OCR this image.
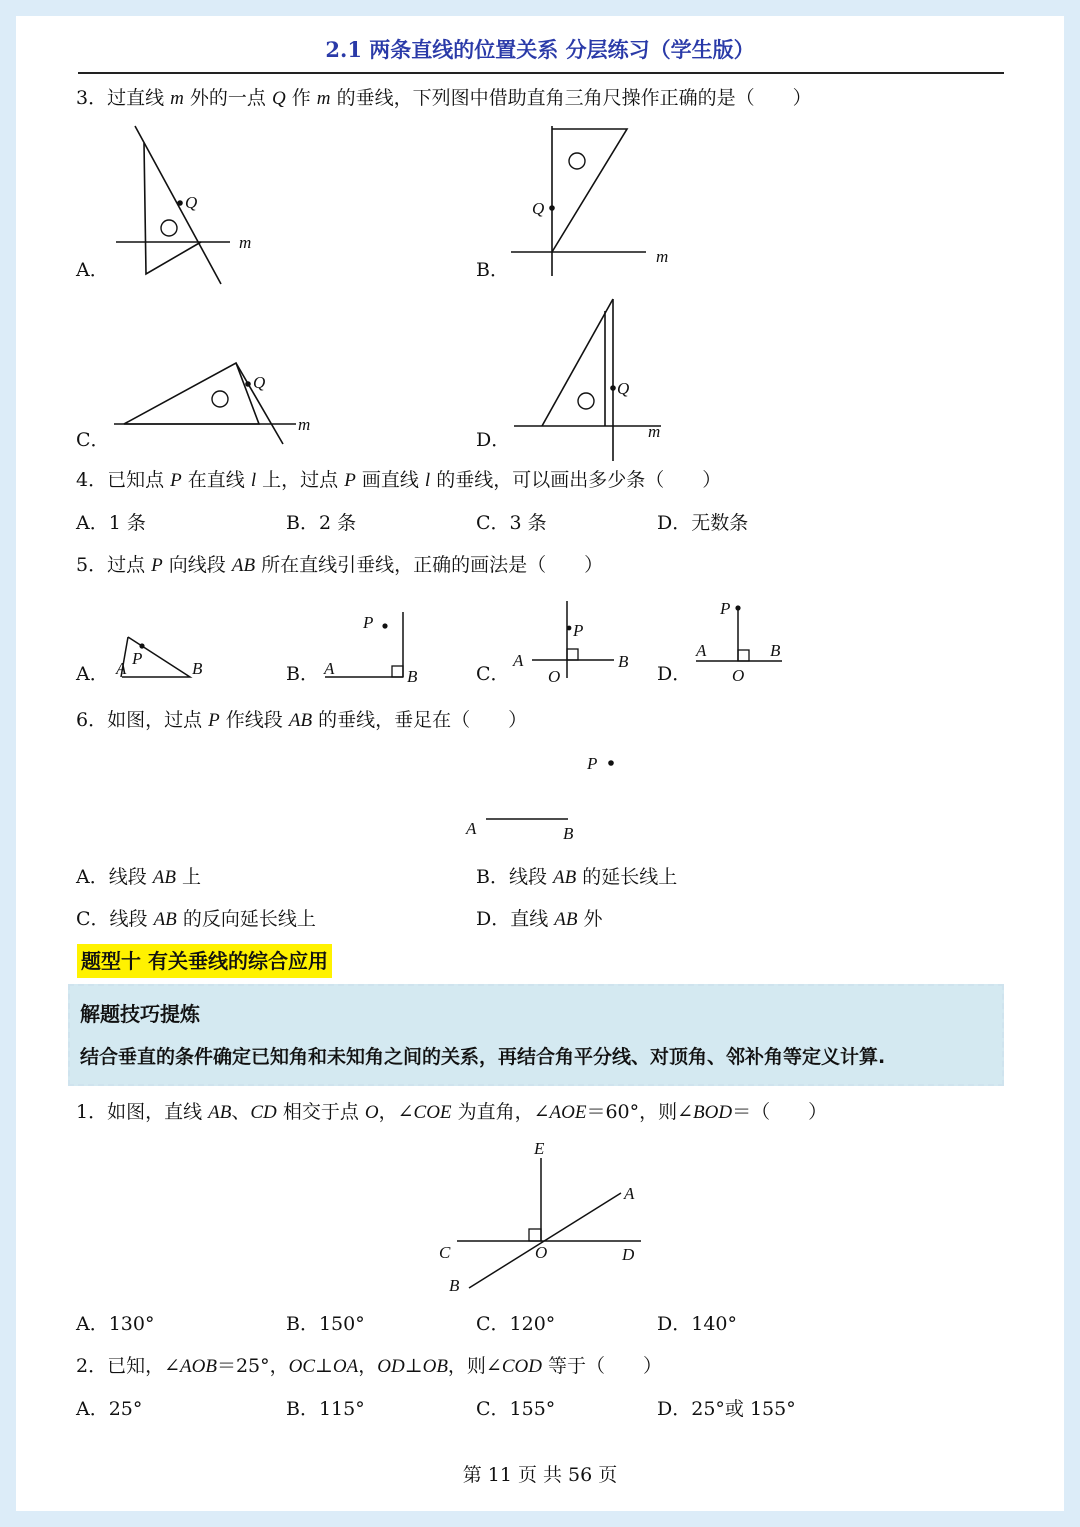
2.1 两条直线的位置关系 分层练习（学生版）
3．过直线 m 外的一点 Q 作 m 的垂线，下列图中借助直角三角尺操作正确的是（　　）
A．	B．
C．	D．
Q
m
Q
m
Q
m
Q
m
4．已知点 P 在直线 l 上，过点 P 画直线 l 的垂线，可以画出多少条（　　）
A．1 条	B．2 条	C．3 条	D．无数条
5．过点 P 向线段 AB 所在直线引垂线，正确的画法是（　　）
A．	B．	C．	D．
P
A	B
P
A	B
P
A	B
O
P
A	B
O
6．如图，过点 P 作线段 AB 的垂线，垂足在（　　）
P
A	B
A．线段 AB 上	B．线段 AB 的延长线上
C．线段 AB 的反向延长线上	D．直线 AB 外
题型十 有关垂线的综合应用
解题技巧提炼
结合垂直的条件确定已知角和未知角之间的关系，再结合角平分线、对顶角、邻补角等定义计算.
1．如图，直线 AB、CD 相交于点 O，∠COE 为直角，∠AOE＝60°，则∠BOD＝（　　）
E
A
C	O	D
B
A．130°	B．150°	C．120°	D．140°
2．已知，∠AOB＝25°，OC⊥OA，OD⊥OB，则∠COD 等于（　　）
A．25°	B．115°	C．155°	D．25°或 155°
第 11 页 共 56 页
